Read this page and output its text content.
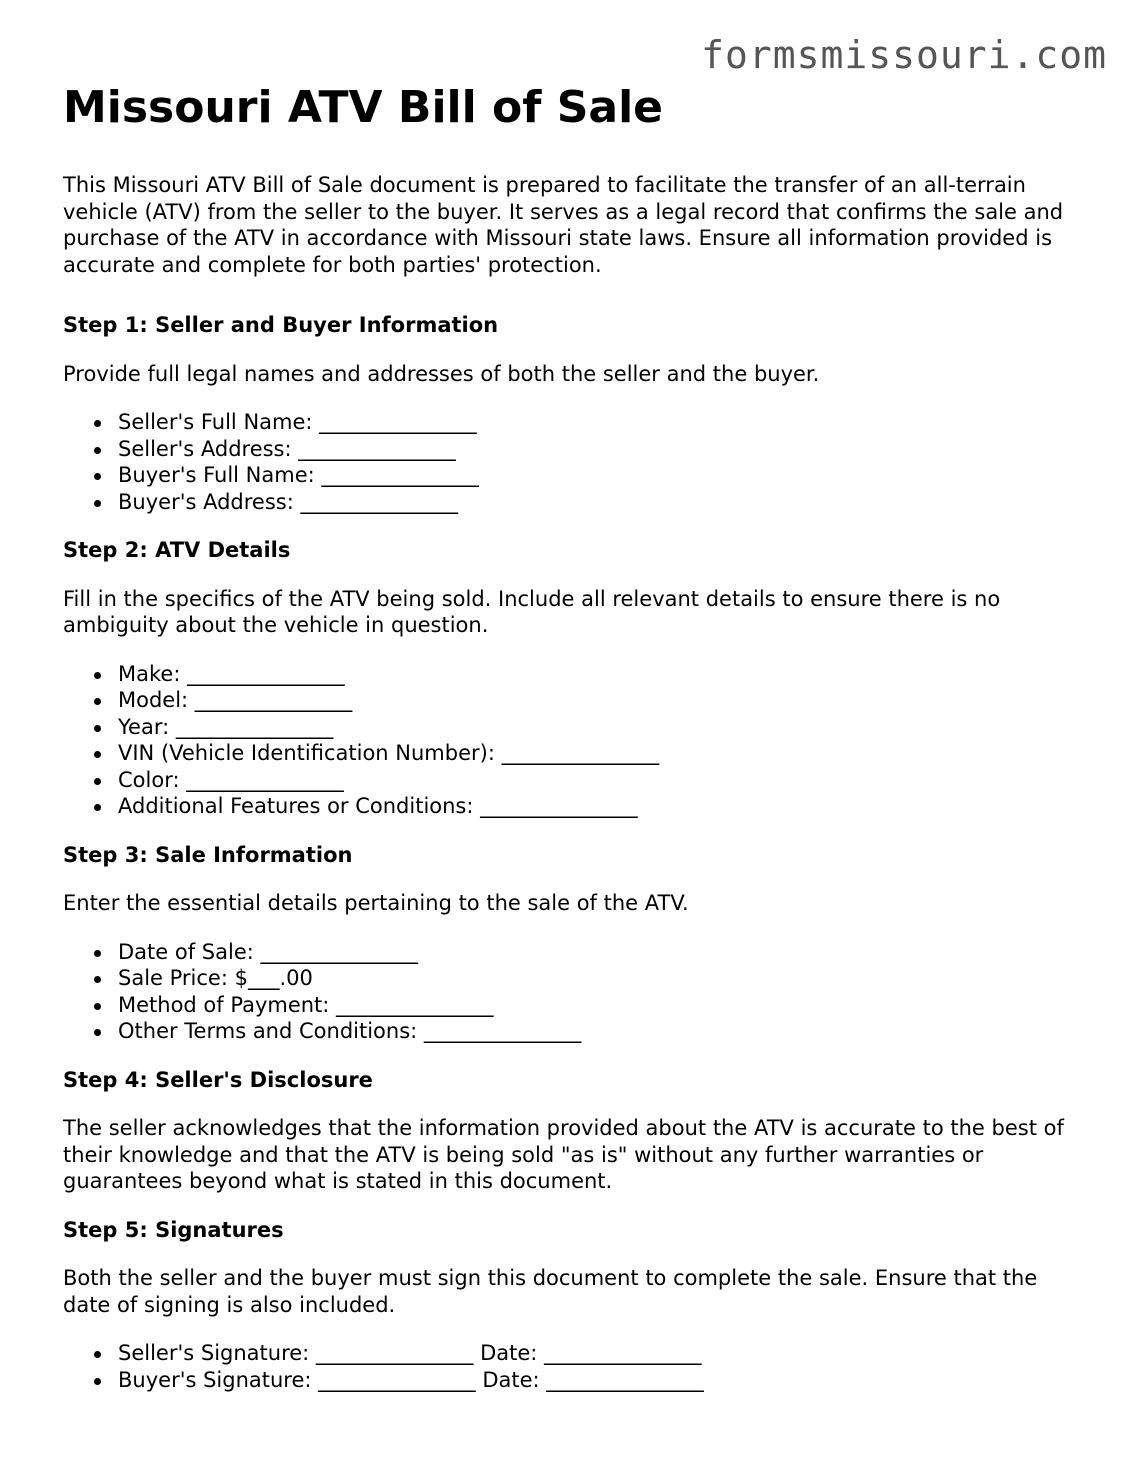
formsmissouri.com
Missouri ATV Bill of Sale

This Missouri ATV Bill of Sale document is prepared to facilitate the transfer of an all-terrain vehicle (ATV) from the seller to the buyer. It serves as a legal record that confirms the sale and purchase of the ATV in accordance with Missouri state laws. Ensure all information provided is accurate and complete for both parties' protection.

Step 1: Seller and Buyer Information

Provide full legal names and addresses of both the seller and the buyer.

Seller's Full Name: _______________
Seller's Address: _______________
Buyer's Full Name: _______________
Buyer's Address: _______________
Step 2: ATV Details

Fill in the specifics of the ATV being sold. Include all relevant details to ensure there is no ambiguity about the vehicle in question.

Make: _______________
Model: _______________
Year: _______________
VIN (Vehicle Identification Number): _______________
Color: _______________
Additional Features or Conditions: _______________
Step 3: Sale Information

Enter the essential details pertaining to the sale of the ATV.

Date of Sale: _______________
Sale Price: $___.00
Method of Payment: _______________
Other Terms and Conditions: _______________
Step 4: Seller's Disclosure

The seller acknowledges that the information provided about the ATV is accurate to the best of their knowledge and that the ATV is being sold "as is" without any further warranties or guarantees beyond what is stated in this document.

Step 5: Signatures

Both the seller and the buyer must sign this document to complete the sale. Ensure that the date of signing is also included.

Seller's Signature: _______________ Date: _______________
Buyer's Signature: _______________ Date: _______________
